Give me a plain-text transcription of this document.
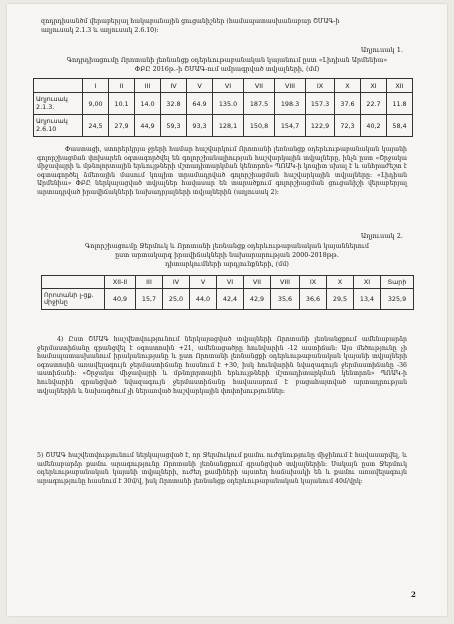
զոդրդիսանծմ վերաբերյալ հակաբանային ցուցանիշներ (համապատասխանաբար ՇՄԱԳ-ի
աղյուսակ 2.1.3 և աղյուսակ 2.6.10):
Աղյուսակ 1.
Գոդրդիացումը Որոտանի լեռնանցք օդերևութաբանական կայանում ըստ «Լիդիան Արմենիա»
ՓԲԸ 2016թ.-ի ՇՄԱԳ-ում ամրագրված տվյալների, (մմ)
	I	II	III	IV	V	VI	VII	VIII	IX	X	XI	XII
Աղյուսակ 2.1.3.	9,00	10.1	14.0	32.8	64.9	135.0	187.5	198.3	157.3	37.6	22.7	11.8
Աղյուսակ 2.6.10	24,5	27,9	44,9	59,3	93,3	128,1	150,8	154,7	122,9	72,3	40,2	58,4
Փաստացի, ստորերկրյա ջրերի համար հաշվարկում Որոտանի լեռնանցք օդերևութաբանական կայանի գոլորշիացման փոխարեն օգտագործվել են գոլորշիանալիության հաշվարկային տվյալները, ինչն ըստ «Շրջակա միջավայրի և մթնոլորտային երևույթների մշտադիտարկման կենտրոն» ՊՈԱԿ-ի կոպիտ սխալ է և անհրաժեշտ է օգտագործել ձմեռային մասում կոպիտ տրամադրված գոլորշիացման հաշվարկային տվյալները: «Լիդիան Արմենիա» ՓԲԸ ներկայացված տվյալներ հավասար են տարածքում գոլորշիացման ցուցանիշի վերաբերյալ արտադրված իրավիճակների նախադրյալների տվյալներին (աղյուսակ 2):
Աղյուսակ 2.
Գոլորշիացումը Ջերմուկ և Որոտանի լեռնանցք օդերևութաբանական կայաններում
ըստ արտակարգ իրավիճակների նախարարության 2000-2018թթ.
դիտարկումների արդյունքների, (մմ)
	XII-II	III	IV	V	VI	VII	VIII	IX	X	XI	Տարի
Որոտանի լ-ցք. միջինը	40,9	15,7	25,0	44,0	42,4	42,9	35,6	36,6	29,5	13,4	325,9
4) Ըստ ՇՄԱԳ հաշվետվությունում ներկայացված տվյալների Որոտանի լեռնանցքում ամենաբարձր ջերմաստիճանը գրանցվել է օգոստոսին +21, ամենացածրը հունվարին -12 աստիճան: Այս մեծությունը չի համապատասխանում իրականությանը և ըստ Որոտանի լեռնանցքի օդերևութաբանական կայանի տվյալների օգոստոսին առավելագույն ջերմաստիճանը հասնում է +30, իսկ հունվարին նվազագույն ջերմաստիճանը -36 աստիճանի: «Շրջակա միջավայրի և մթնոլորտային երևույթների մշտադիտարկման կենտրոն» ՊՈԱԿ-ի հունվարին գրանցված նվազագույն ջերմաստիճանը հավասարում է բացահայտված արտադրության տվյալներին և նախագծում չի ներառված հաշվարկային փոփոխություններ:
5) ՇՄԱԳ հաշվետվությունում ներկայացված է, որ Ջերմուկում քամու ուժգնությունը միջինում է հավասարվել, և ամենաբարձր քամու արագությունը Որոտանի լեռնանցքում գրանցված տվյալներին: Սակայն ըստ Ջերմուկ օդերևութաբանական կայանի տվյալների, ուժեղ քամիների այստեղ հաճախակի են և քամու առավելագույն արագությունը հասնում է 30մ/վ, իսկ Որոտանի լեռնանցք օդերևութաբանական կայանում 40մ/վրկ:
2
